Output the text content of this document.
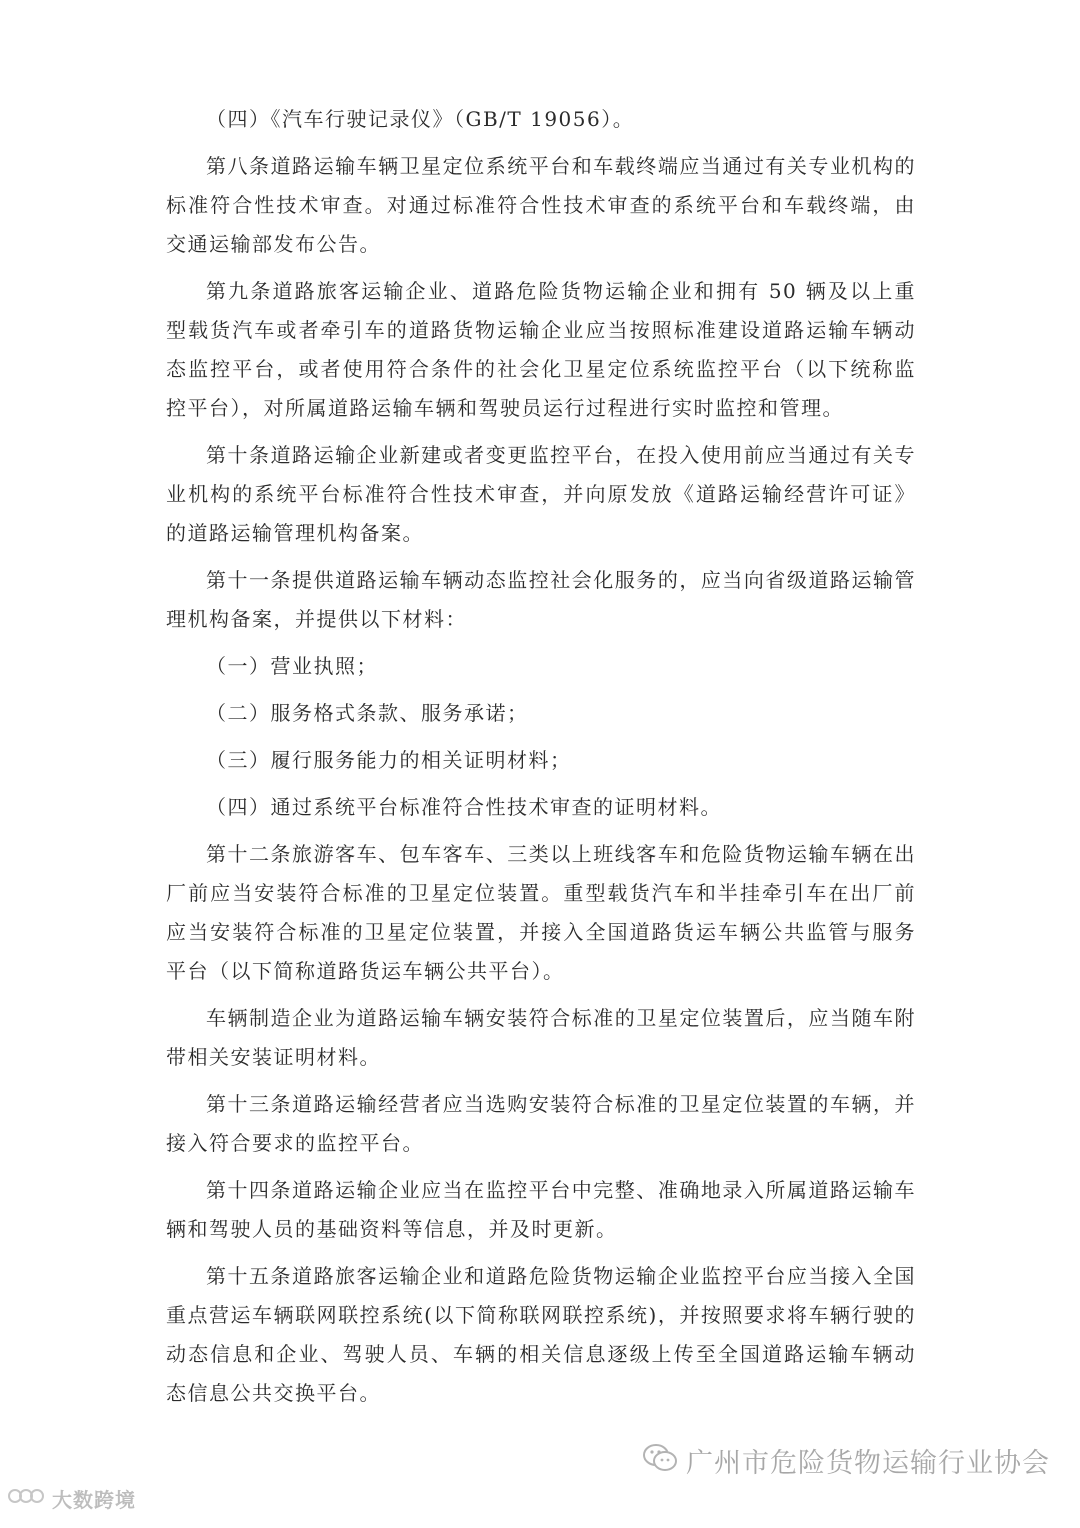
（四）《汽车行驶记录仪》（GB/T 19056）。

第八条道路运输车辆卫星定位系统平台和车载终端应当通过有关专业机构的标准符合性技术审查。对通过标准符合性技术审查的系统平台和车载终端，由交通运输部发布公告。

第九条道路旅客运输企业、道路危险货物运输企业和拥有 50 辆及以上重型载货汽车或者牵引车的道路货物运输企业应当按照标准建设道路运输车辆动态监控平台，或者使用符合条件的社会化卫星定位系统监控平台（以下统称监控平台），对所属道路运输车辆和驾驶员运行过程进行实时监控和管理。

第十条道路运输企业新建或者变更监控平台，在投入使用前应当通过有关专业机构的系统平台标准符合性技术审查，并向原发放《道路运输经营许可证》的道路运输管理机构备案。

第十一条提供道路运输车辆动态监控社会化服务的，应当向省级道路运输管理机构备案，并提供以下材料：

（一）营业执照；

（二）服务格式条款、服务承诺；

（三）履行服务能力的相关证明材料；

（四）通过系统平台标准符合性技术审查的证明材料。

第十二条旅游客车、包车客车、三类以上班线客车和危险货物运输车辆在出厂前应当安装符合标准的卫星定位装置。重型载货汽车和半挂牵引车在出厂前应当安装符合标准的卫星定位装置，并接入全国道路货运车辆公共监管与服务平台（以下简称道路货运车辆公共平台）。

车辆制造企业为道路运输车辆安装符合标准的卫星定位装置后，应当随车附带相关安装证明材料。

第十三条道路运输经营者应当选购安装符合标准的卫星定位装置的车辆，并接入符合要求的监控平台。

第十四条道路运输企业应当在监控平台中完整、准确地录入所属道路运输车辆和驾驶人员的基础资料等信息，并及时更新。

第十五条道路旅客运输企业和道路危险货物运输企业监控平台应当接入全国重点营运车辆联网联控系统(以下简称联网联控系统)，并按照要求将车辆行驶的动态信息和企业、驾驶人员、车辆的相关信息逐级上传至全国道路运输车辆动态信息公共交换平台。

广州市危险货物运输行业协会
大数跨境
